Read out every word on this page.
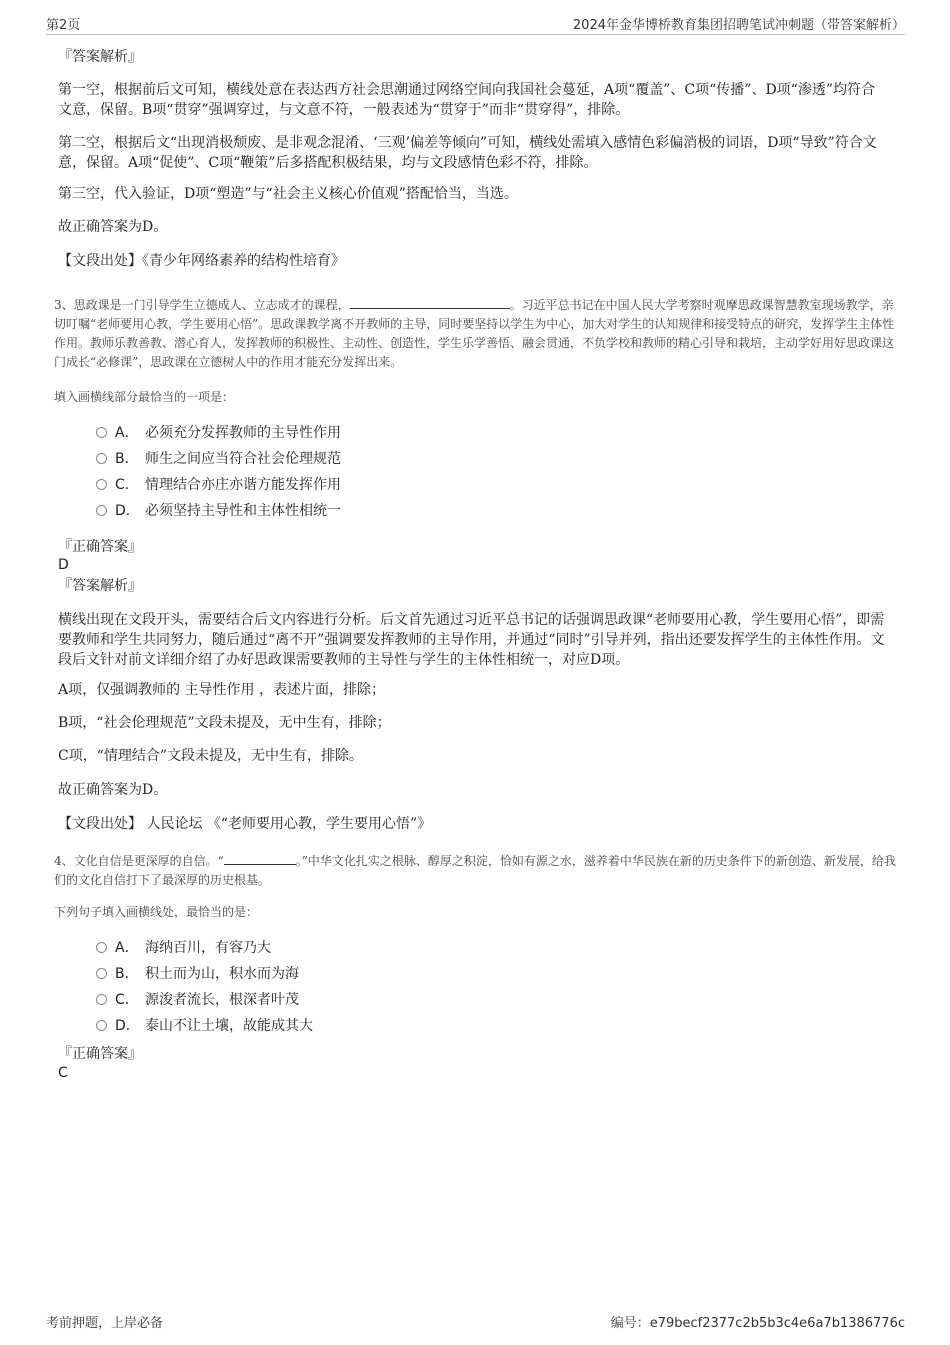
第2页	2024年金华博桥教育集团招聘笔试冲刺题（带答案解析）
『答案解析』
第一空，根据前后文可知，横线处意在表达西方社会思潮通过网络空间向我国社会蔓延，A项“覆盖”、C项“传播”、D项“渗透”均符合文意，保留。B项“贯穿”强调穿过，与文意不符，一般表述为“贯穿于”而非“贯穿得”，排除。
第二空，根据后文“出现消极颓废、是非观念混淆、‘三观’偏差等倾向”可知，横线处需填入感情色彩偏消极的词语，D项“导致”符合文意，保留。A项“促使”、C项“鞭策”后多搭配积极结果，均与文段感情色彩不符，排除。
第三空，代入验证，D项“塑造”与“社会主义核心价值观”搭配恰当，当选。
故正确答案为D。
【文段出处】《青少年网络素养的结构性培育》
3、思政课是一门引导学生立德成人、立志成才的课程，	。习近平总书记在中国人民大学考察时观摩思政课智慧教室现场教学，亲切叮嘱“老师要用心教，学生要用心悟”。思政课教学离不开教师的主导，同时要坚持以学生为中心，加大对学生的认知规律和接受特点的研究，发挥学生主体性作用。教师乐教善教、潜心育人，发挥教师的积极性、主动性、创造性，学生乐学善悟、融会贯通，不负学校和教师的精心引导和栽培，主动学好用好思政课这门成长“必修课”，思政课在立德树人中的作用才能充分发挥出来。
填入画横线部分最恰当的一项是：
A． 必须充分发挥教师的主导性作用
B． 师生之间应当符合社会伦理规范
C． 情理结合亦庄亦谐方能发挥作用
D． 必须坚持主导性和主体性相统一
『正确答案』
D
『答案解析』
横线出现在文段开头，需要结合后文内容进行分析。后文首先通过习近平总书记的话强调思政课“老师要用心教，学生要用心悟”，即需要教师和学生共同努力，随后通过“离不开”强调要发挥教师的主导作用，并通过“同时”引导并列，指出还要发挥学生的主体性作用。文段后文针对前文详细介绍了办好思政课需要教师的主导性与学生的主体性相统一，对应D项。
A项，仅强调教师的 主导性作用 ，表述片面，排除；
B项，“社会伦理规范”文段未提及，无中生有，排除；
C项，“情理结合”文段未提及，无中生有，排除。
故正确答案为D。
【文段出处】 人民论坛 《“老师要用心教，学生要用心悟”》
4、文化自信是更深厚的自信。“	。”中华文化扎实之根脉、醇厚之积淀，恰如有源之水，滋养着中华民族在新的历史条件下的新创造、新发展，给我们的文化自信打下了最深厚的历史根基。
下列句子填入画横线处，最恰当的是：
A． 海纳百川，有容乃大
B． 积土而为山，积水而为海
C． 源浚者流长，根深者叶茂
D． 泰山不让土壤，故能成其大
『正确答案』
C
考前押题，上岸必备	编号：e79becf2377c2b5b3c4e6a7b1386776c
